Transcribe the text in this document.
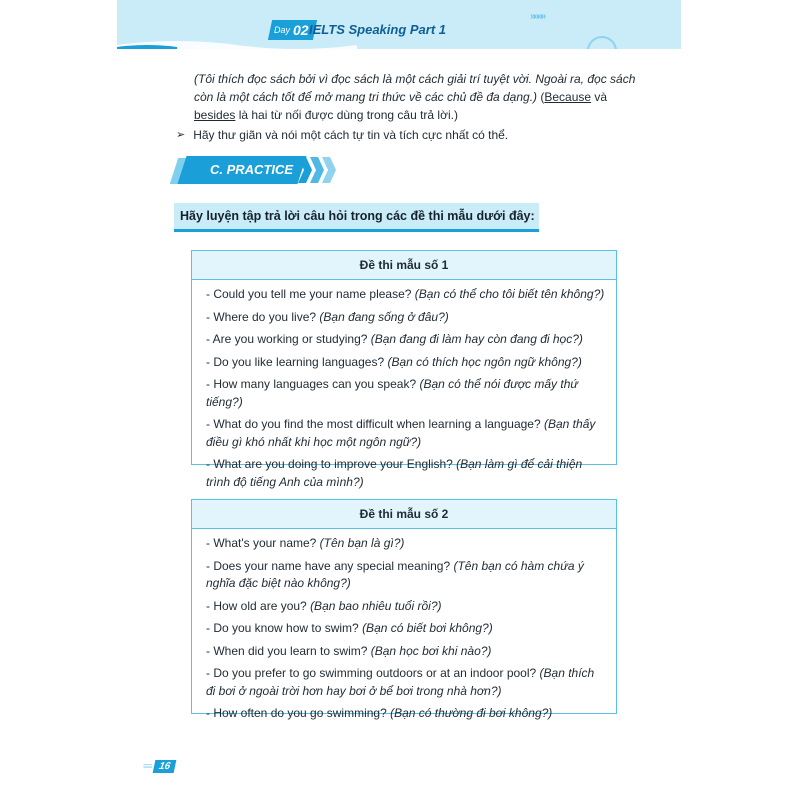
Day 02 IELTS Speaking Part 1
»»»»
(Tôi thích đọc sách bởi vì đọc sách là một cách giải trí tuyệt vời. Ngoài ra, đọc sách còn là một cách tốt để mở mang tri thức về các chủ đề đa dạng.) (Because và besides là hai từ nối được dùng trong câu trả lời.)
➢ Hãy thư giãn và nói một cách tự tin và tích cực nhất có thể.
C. PRACTICE
Hãy luyện tập trả lời câu hỏi trong các đề thi mẫu dưới đây:
Đề thi mẫu số 1
- Could you tell me your name please? (Bạn có thể cho tôi biết tên không?)
- Where do you live? (Bạn đang sống ở đâu?)
- Are you working or studying? (Bạn đang đi làm hay còn đang đi học?)
- Do you like learning languages? (Bạn có thích học ngôn ngữ không?)
- How many languages can you speak? (Bạn có thể nói được mấy thứ tiếng?)
- What do you find the most difficult when learning a language? (Bạn thấy điều gì khó nhất khi học một ngôn ngữ?)
- What are you doing to improve your English? (Bạn làm gì để cải thiện trình độ tiếng Anh của mình?)
Đề thi mẫu số 2
- What's your name? (Tên bạn là gì?)
- Does your name have any special meaning? (Tên bạn có hàm chứa ý nghĩa đặc biệt nào không?)
- How old are you? (Bạn bao nhiêu tuổi rồi?)
- Do you know how to swim? (Bạn có biết bơi không?)
- When did you learn to swim? (Bạn học bơi khi nào?)
- Do you prefer to go swimming outdoors or at an indoor pool? (Bạn thích đi bơi ở ngoài trời hơn hay bơi ở bể bơi trong nhà hơn?)
- How often do you go swimming? (Bạn có thường đi bơi không?)
≡≡ 16
